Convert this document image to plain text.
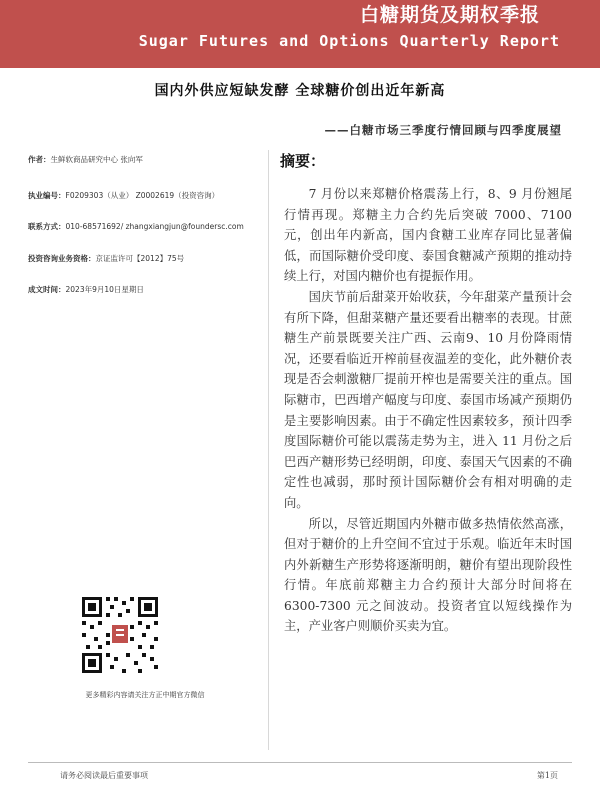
白糖期货及期权季报
Sugar Futures and Options Quarterly Report
国内外供应短缺发酵 全球糖价创出近年新高
——白糖市场三季度行情回顾与四季度展望
作者：生鲜软商品研究中心 张向军
执业编号：F0209303（从业） Z0002619（投资咨询）
联系方式：010-68571692/ zhangxiangjun@foundersc.com
投资咨询业务资格：京证监许可【2012】75号
成文时间：2023年9月10日星期日
摘要：

7 月份以来郑糖价格震荡上行，8、9 月份翘尾行情再现。郑糖主力合约先后突破 7000、7100 元，创出年内新高，国内食糖工业库存同比显著偏低，而国际糖价受印度、泰国食糖减产预期的推动持续上行，对国内糖价也有提振作用。

国庆节前后甜菜开始收获，今年甜菜产量预计会有所下降，但甜菜糖产量还要看出糖率的表现。甘蔗糖生产前景既要关注广西、云南9、10 月份降雨情况，还要看临近开榨前昼夜温差的变化，此外糖价表现是否会刺激糖厂提前开榨也是需要关注的重点。国际糖市，巴西增产幅度与印度、泰国市场减产预期仍是主要影响因素。由于不确定性因素较多，预计四季度国际糖价可能以震荡走势为主，进入 11 月份之后巴西产糖形势已经明朗，印度、泰国天气因素的不确定性也减弱，那时预计国际糖价会有相对明确的走向。

所以，尽管近期国内外糖市做多热情依然高涨，但对于糖价的上升空间不宜过于乐观。临近年末时国内外新糖生产形势将逐渐明朗，糖价有望出现阶段性行情。年底前郑糖主力合约预计大部分时间将在 6300-7300 元之间波动。投资者宜以短线操作为主，产业客户则顺价买卖为宜。

更多精彩内容请关注方正中期官方微信
请务必阅读最后重要事项	第1页
